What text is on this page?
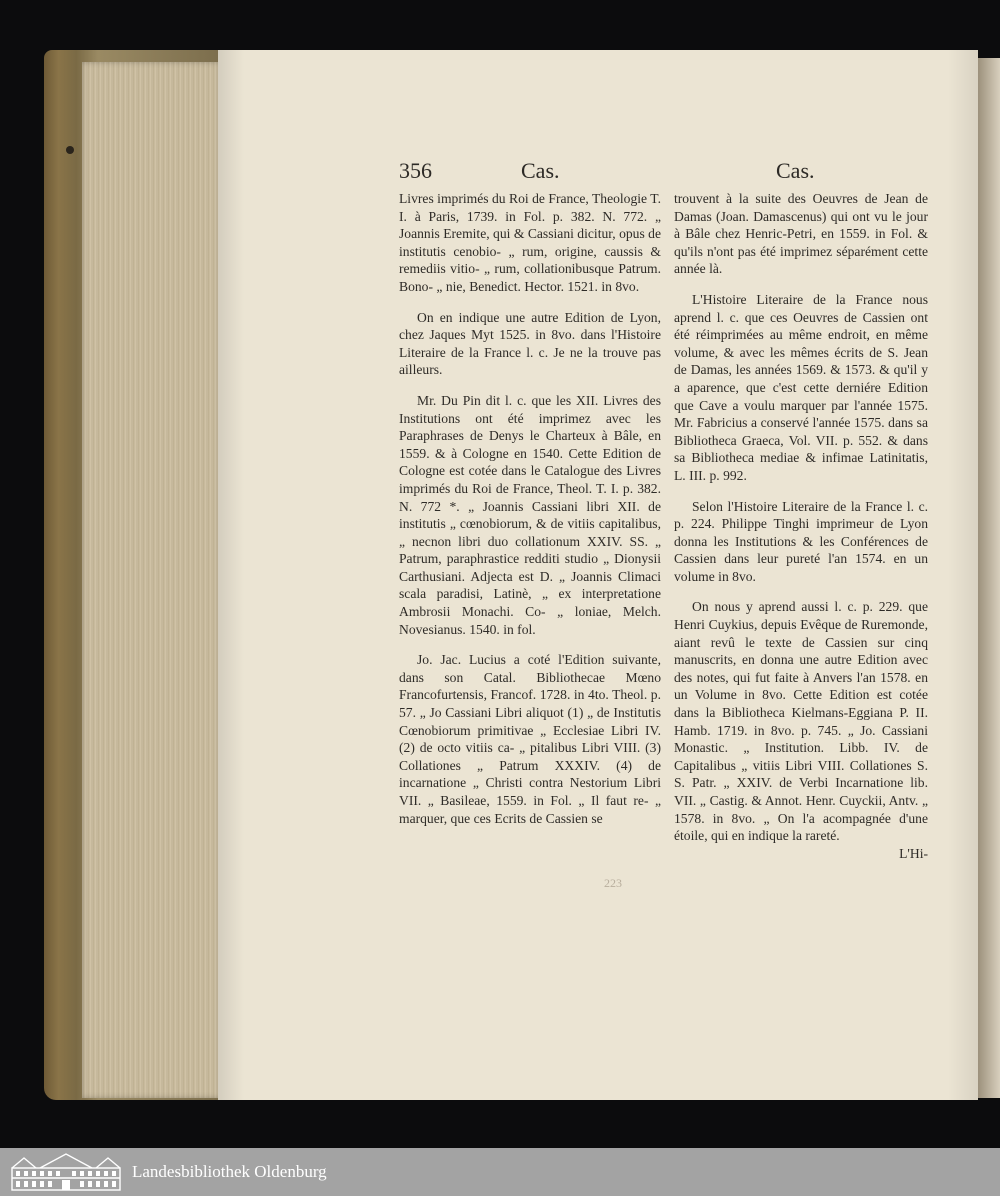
356	Cas.	Cas.

Livres imprimés du Roi de France, Theologie T. I. à Paris, 1739. in Fol. p. 382. N. 772. „ Joannis Eremite, qui & Cassiani dicitur, opus de institutis cenobio- „ rum, origine, caussis & remediis vitio- „ rum, collationibusque Patrum. Bono- „ nie, Benedict. Hector. 1521. in 8vo.

On en indique une autre Edition de Lyon, chez Jaques Myt 1525. in 8vo. dans l'Histoire Literaire de la France l. c. Je ne la trouve pas ailleurs.

Mr. Du Pin dit l. c. que les XII. Livres des Institutions ont été imprimez avec les Paraphrases de Denys le Charteux à Bâle, en 1559. & à Cologne en 1540. Cette Edition de Cologne est cotée dans le Catalogue des Livres imprimés du Roi de France, Theol. T. I. p. 382. N. 772 *. „ Joannis Cassiani libri XII. de institutis „ cœnobiorum, & de vitiis capitalibus, „ necnon libri duo collationum XXIV. SS. „ Patrum, paraphrastice redditi studio „ Dionysii Carthusiani. Adjecta est D. „ Joannis Climaci scala paradisi, Latinè, „ ex interpretatione Ambrosii Monachi. Co- „ loniae, Melch. Novesianus. 1540. in fol.

Jo. Jac. Lucius a coté l'Edition suivante, dans son Catal. Bibliothecae Mœno Francofurtensis, Francof. 1728. in 4to. Theol. p. 57. „ Jo Cassiani Libri aliquot (1) „ de Institutis Cœnobiorum primitivae „ Ecclesiae Libri IV. (2) de octo vitiis ca- „ pitalibus Libri VIII. (3) Collationes „ Patrum XXXIV. (4) de incarnatione „ Christi contra Nestorium Libri VII. „ Basileae, 1559. in Fol. „ Il faut re- „ marquer, que ces Ecrits de Cassien se

trouvent à la suite des Oeuvres de Jean de Damas (Joan. Damascenus) qui ont vu le jour à Bâle chez Henric-Petri, en 1559. in Fol. & qu'ils n'ont pas été imprimez séparément cette année là.

L'Histoire Literaire de la France nous aprend l. c. que ces Oeuvres de Cassien ont été réimprimées au même endroit, en même volume, & avec les mêmes écrits de S. Jean de Damas, les années 1569. & 1573. & qu'il y a aparence, que c'est cette derniére Edition que Cave a voulu marquer par l'année 1575. Mr. Fabricius a conservé l'année 1575. dans sa Bibliotheca Graeca, Vol. VII. p. 552. & dans sa Bibliotheca mediae & infimae Latinitatis, L. III. p. 992.

Selon l'Histoire Literaire de la France l. c. p. 224. Philippe Tinghi imprimeur de Lyon donna les Institutions & les Conférences de Cassien dans leur pureté l'an 1574. en un volume in 8vo.

On nous y aprend aussi l. c. p. 229. que Henri Cuykius, depuis Evêque de Ruremonde, aiant revû le texte de Cassien sur cinq manuscrits, en donna une autre Edition avec des notes, qui fut faite à Anvers l'an 1578. en un Volume in 8vo. Cette Edition est cotée dans la Bibliotheca Kielmans-Eggiana P. II. Hamb. 1719. in 8vo. p. 745. „ Jo. Cassiani Monastic. „ Institution. Libb. IV. de Capitalibus „ vitiis Libri VIII. Collationes S. S. Patr. „ XXIV. de Verbi Incarnatione lib. VII. „ Castig. & Annot. Henr. Cuyckii, Antv. „ 1578. in 8vo. „ On l'a acompagnée d'une étoile, qui en indique la rareté.

L'Hi-

223
Landesbibliothek Oldenburg
